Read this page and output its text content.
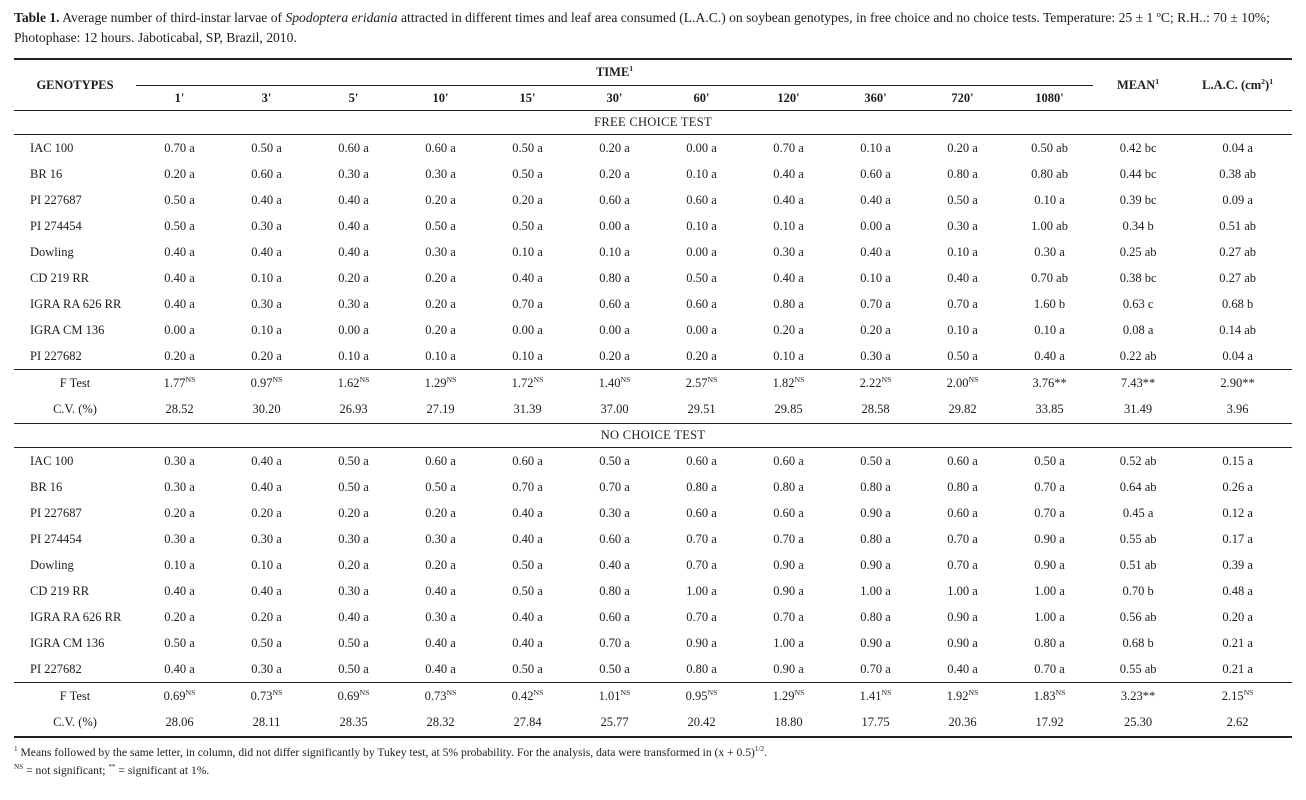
Table 1. Average number of third-instar larvae of Spodoptera eridania attracted in different times and leaf area consumed (L.A.C.) on soybean genotypes, in free choice and no choice tests. Temperature: 25 ± 1 ºC; R.H..: 70 ± 10%; Photophase: 12 hours. Jaboticabal, SP, Brazil, 2010.

GENOTYPES	TIME$^1$											MEAN$^1$	L.A.C. $(cm^2)^1$
	1'	3'	5'	10'	15'	30'	60'	120'	360'	720'	1080'		
FREE CHOICE TEST													
IAC 100	0.70 a	0.50 a	0.60 a	0.60 a	0.50 a	0.20 a	0.00 a	0.70 a	0.10 a	0.20 a	0.50 ab	0.42 bc	0.04 a
BR 16	0.20 a	0.60 a	0.30 a	0.30 a	0.50 a	0.20 a	0.10 a	0.40 a	0.60 a	0.80 a	0.80 ab	0.44 bc	0.38 ab
PI 227687	0.50 a	0.40 a	0.40 a	0.20 a	0.20 a	0.60 a	0.60 a	0.40 a	0.40 a	0.50 a	0.10 a	0.39 bc	0.09 a
PI 274454	0.50 a	0.30 a	0.40 a	0.50 a	0.50 a	0.00 a	0.10 a	0.10 a	0.00 a	0.30 a	1.00 ab	0.34 b	0.51 ab
Dowling	0.40 a	0.40 a	0.40 a	0.30 a	0.10 a	0.10 a	0.00 a	0.30 a	0.40 a	0.10 a	0.30 a	0.25 ab	0.27 ab
CD 219 RR	0.40 a	0.10 a	0.20 a	0.20 a	0.40 a	0.80 a	0.50 a	0.40 a	0.10 a	0.40 a	0.70 ab	0.38 bc	0.27 ab
IGRA RA 626 RR	0.40 a	0.30 a	0.30 a	0.20 a	0.70 a	0.60 a	0.60 a	0.80 a	0.70 a	0.70 a	1.60 b	0.63 c	0.68 b
IGRA CM 136	0.00 a	0.10 a	0.00 a	0.20 a	0.00 a	0.00 a	0.00 a	0.20 a	0.20 a	0.10 a	0.10 a	0.08 a	0.14 ab
PI 227682	0.20 a	0.20 a	0.10 a	0.10 a	0.10 a	0.20 a	0.20 a	0.10 a	0.30 a	0.50 a	0.40 a	0.22 ab	0.04 a
F Test	$1.77^{NS}$	$0.97^{NS}$	$1.62^{NS}$	$1.29^{NS}$	$1.72^{NS}$	$1.40^{NS}$	$2.57^{NS}$	$1.82^{NS}$	$2.22^{NS}$	$2.00^{NS}$	3.76**	7.43**	2.90**
C.V. (%)	28.52	30.20	26.93	27.19	31.39	37.00	29.51	29.85	28.58	29.82	33.85	31.49	3.96
NO CHOICE TEST													
IAC 100	0.30 a	0.40 a	0.50 a	0.60 a	0.60 a	0.50 a	0.60 a	0.60 a	0.50 a	0.60 a	0.50 a	0.52 ab	0.15 a
BR 16	0.30 a	0.40 a	0.50 a	0.50 a	0.70 a	0.70 a	0.80 a	0.80 a	0.80 a	0.80 a	0.70 a	0.64 ab	0.26 a
PI 227687	0.20 a	0.20 a	0.20 a	0.20 a	0.40 a	0.30 a	0.60 a	0.60 a	0.90 a	0.60 a	0.70 a	0.45 a	0.12 a
PI 274454	0.30 a	0.30 a	0.30 a	0.30 a	0.40 a	0.60 a	0.70 a	0.70 a	0.80 a	0.70 a	0.90 a	0.55 ab	0.17 a
Dowling	0.10 a	0.10 a	0.20 a	0.20 a	0.50 a	0.40 a	0.70 a	0.90 a	0.90 a	0.70 a	0.90 a	0.51 ab	0.39 a
CD 219 RR	0.40 a	0.40 a	0.30 a	0.40 a	0.50 a	0.80 a	1.00 a	0.90 a	1.00 a	1.00 a	1.00 a	0.70 b	0.48 a
IGRA RA 626 RR	0.20 a	0.20 a	0.40 a	0.30 a	0.40 a	0.60 a	0.70 a	0.70 a	0.80 a	0.90 a	1.00 a	0.56 ab	0.20 a
IGRA CM 136	0.50 a	0.50 a	0.50 a	0.40 a	0.40 a	0.70 a	0.90 a	1.00 a	0.90 a	0.90 a	0.80 a	0.68 b	0.21 a
PI 227682	0.40 a	0.30 a	0.50 a	0.40 a	0.50 a	0.50 a	0.80 a	0.90 a	0.70 a	0.40 a	0.70 a	0.55 ab	0.21 a
F Test	$0.69^{NS}$	$0.73^{NS}$	$0.69^{NS}$	$0.73^{NS}$	$0.42^{NS}$	$1.01^{NS}$	$0.95^{NS}$	$1.29^{NS}$	$1.41^{NS}$	$1.92^{NS}$	$1.83^{NS}$	3.23**	$2.15^{NS}$
C.V. (%)	28.06	28.11	28.35	28.32	27.84	25.77	20.42	18.80	17.75	20.36	17.92	25.30	2.62

$^1$ Means followed by the same letter, in column, did not differ significantly by Tukey test, at 5% probability. For the analysis, data were transformed in $(x + 0.5)^{1/2}$.

$^{NS}$ = not significant; ** = significant at 1%.
